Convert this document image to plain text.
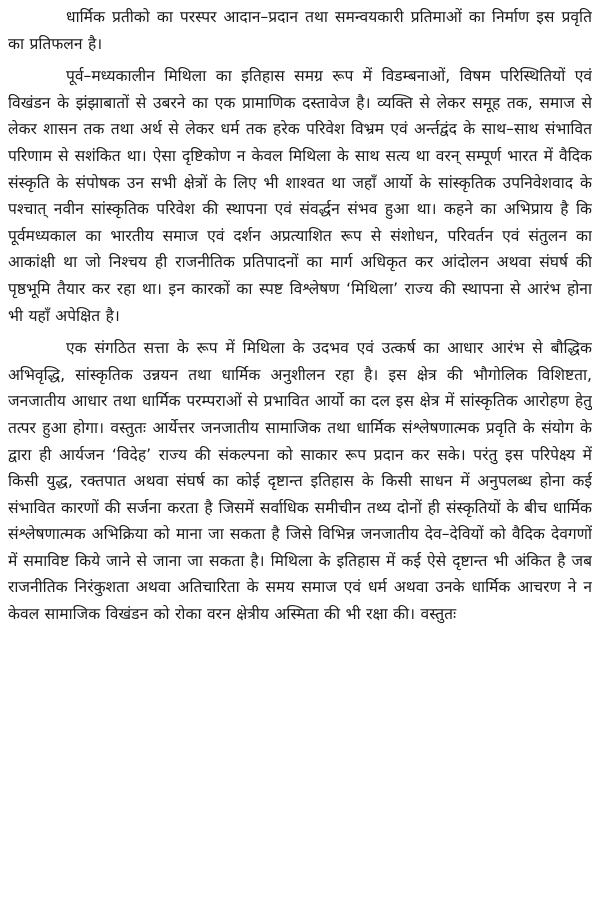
धार्मिक प्रतीको का परस्पर आदान–प्रदान तथा समन्वयकारी प्रतिमाओं का निर्माण इस प्रवृति का प्रतिफलन है।

पूर्व–मध्यकालीन मिथिला का इतिहास समग्र रूप में विडम्बनाओं, विषम परिस्थितियों एवं विखंडन के झंझाबातों से उबरने का एक प्रामाणिक दस्तावेज है। व्यक्ति से लेकर समूह तक, समाज से लेकर शासन तक तथा अर्थ से लेकर धर्म तक हरेक परिवेश विभ्रम एवं अर्न्तद्वंद के साथ–साथ संभावित परिणाम से सशंकित था। ऐसा दृष्टिकोण न केवल मिथिला के साथ सत्य था वरन् सम्पूर्ण भारत में वैदिक संस्कृति के संपोषक उन सभी क्षेत्रों के लिए भी शाश्वत था जहाँ आर्यो के सांस्कृतिक उपनिवेशवाद के पश्चात् नवीन सांस्कृतिक परिवेश की स्थापना एवं संवर्द्धन संभव हुआ था। कहने का अभिप्राय है कि पूर्वमध्यकाल का भारतीय समाज एवं दर्शन अप्रत्याशित रूप से संशोधन, परिवर्तन एवं संतुलन का आकांक्षी था जो निश्चय ही राजनीतिक प्रतिपादनों का मार्ग अधिकृत कर आंदोलन अथवा संघर्ष की पृष्ठभूमि तैयार कर रहा था। इन कारकों का स्पष्ट विश्लेषण ‘मिथिला’ राज्य की स्थापना से आरंभ होना भी यहाँ अपेक्षित है।

एक संगठित सत्ता के रूप में मिथिला के उदभव एवं उत्कर्ष का आधार आरंभ से बौद्धिक अभिवृद्धि, सांस्कृतिक उन्नयन तथा धार्मिक अनुशीलन रहा है। इस क्षेत्र की भौगोलिक विशिष्टता, जनजातीय आधार तथा धार्मिक परम्पराओं से प्रभावित आर्यो का दल इस क्षेत्र में सांस्कृतिक आरोहण हेतु तत्पर हुआ होगा। वस्तुतः आर्येत्तर जनजातीय सामाजिक तथा धार्मिक संश्लेषणात्मक प्रवृति के संयोग के द्वारा ही आर्यजन ‘विदेह’ राज्य की संकल्पना को साकार रूप प्रदान कर सके। परंतु इस परिपेक्ष्य में किसी युद्ध, रक्तपात अथवा संघर्ष का कोई दृष्टान्त इतिहास के किसी साधन में अनुपलब्ध होना कई संभावित कारणों की सर्जना करता है जिसमें सर्वाधिक समीचीन तथ्य दोनों ही संस्कृतियों के बीच धार्मिक संश्लेषणात्मक अभिक्रिया को माना जा सकता है जिसे विभिन्न जनजातीय देव–देवियों को वैदिक देवगणों में समाविष्ट किये जाने से जाना जा सकता है। मिथिला के इतिहास में कई ऐसे दृष्टान्त भी अंकित है जब राजनीतिक निरंकुशता अथवा अतिचारिता के समय समाज एवं धर्म अथवा उनके धार्मिक आचरण ने न केवल सामाजिक विखंडन को रोका वरन क्षेत्रीय अस्मिता की भी रक्षा की। वस्तुतः
